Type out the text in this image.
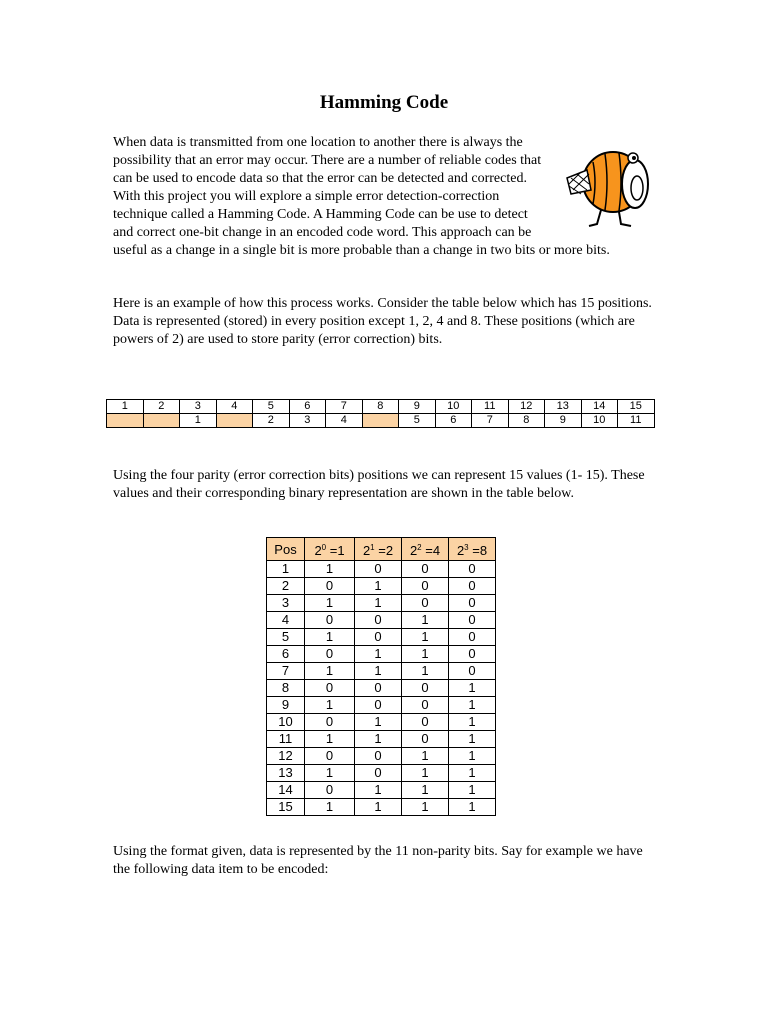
Hamming Code
When data is transmitted from one location to another there is always the possibility that an error may occur. There are a number of reliable codes that can be used to encode data so that the error can be detected and corrected. With this project you will explore a simple error detection-correction technique called a Hamming Code. A Hamming Code can be use to detect and correct one-bit change in an encoded code word. This approach can be useful as a change in a single bit is more probable than a change in two bits or more bits.
Here is an example of how this process works. Consider the table below which has 15 positions. Data is represented (stored) in every position except 1, 2, 4 and 8. These positions (which are powers of 2) are used to store parity (error correction) bits.
1	2	3	4	5	6	7	8	9	10	11	12	13	14	15
		1		2	3	4		5	6	7	8	9	10	11
Using the four parity (error correction bits) positions we can represent 15 values (1- 15). These values and their corresponding binary representation are shown in the table below.
Pos	$2^0 =1$	$2^1 =2$	$2^2 =4$	$2^3 =8$
1	1	0	0	0
2	0	1	0	0
3	1	1	0	0
4	0	0	1	0
5	1	0	1	0
6	0	1	1	0
7	1	1	1	0
8	0	0	0	1
9	1	0	0	1
10	0	1	0	1
11	1	1	0	1
12	0	0	1	1
13	1	0	1	1
14	0	1	1	1
15	1	1	1	1
Using the format given, data is represented by the 11 non-parity bits. Say for example we have the following data item to be encoded:
